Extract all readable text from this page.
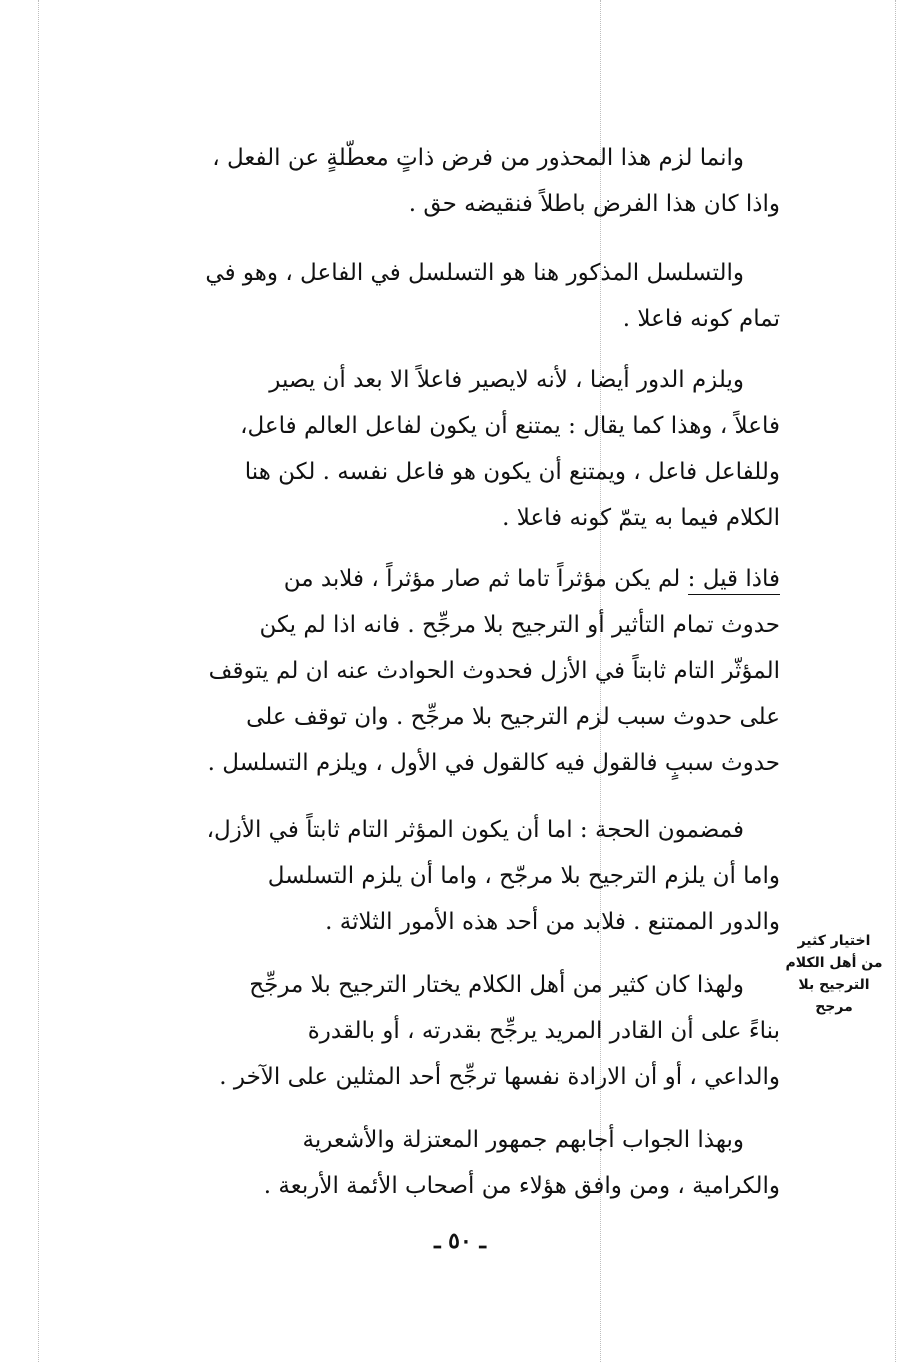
وانما لزم هذا المحذور من فرض ذاتٍ معطّلةٍ عن الفعل ،
واذا كان هذا الفرض باطلاً فنقيضه حق .
والتسلسل المذكور هنا هو التسلسل في الفاعل ، وهو في
تمام كونه فاعلا .
ويلزم الدور أيضا ، لأنه لايصير فاعلاً الا بعد أن يصير
فاعلاً ، وهذا كما يقال : يمتنع أن يكون لفاعل العالم فاعل،
وللفاعل فاعل ، ويمتنع أن يكون هو فاعل نفسه . لكن هنا
الكلام فيما به يتمّ كونه فاعلا .
فاذا قيل : لم يكن مؤثراً تاما ثم صار مؤثراً ، فلابد من
حدوث تمام التأثير أو الترجيح بلا مرجِّح . فانه اذا لم يكن
المؤثّر التام ثابتاً في الأزل فحدوث الحوادث عنه ان لم يتوقف
على حدوث سبب لزم الترجيح بلا مرجِّح . وان توقف على
حدوث سببٍ فالقول فيه كالقول في الأول ، ويلزم التسلسل .
فمضمون الحجة : اما أن يكون المؤثر التام ثابتاً في الأزل،
واما أن يلزم الترجيح بلا مرجّح ، واما أن يلزم التسلسل
والدور الممتنع . فلابد من أحد هذه الأمور الثلاثة .
اختيار كثير
من أهل الكلام
الترجيح بلا
مرجح
ولهذا كان كثير من أهل الكلام يختار الترجيح بلا مرجِّح
بناءً على أن القادر المريد يرجِّح بقدرته ، أو بالقدرة
والداعي ، أو أن الارادة نفسها ترجِّح أحد المثلين على الآخر .
وبهذا الجواب أجابهم جمهور المعتزلة والأشعرية
والكرامية ، ومن وافق هؤلاء من أصحاب الأئمة الأربعة .
ـ ٥٠ ـ
